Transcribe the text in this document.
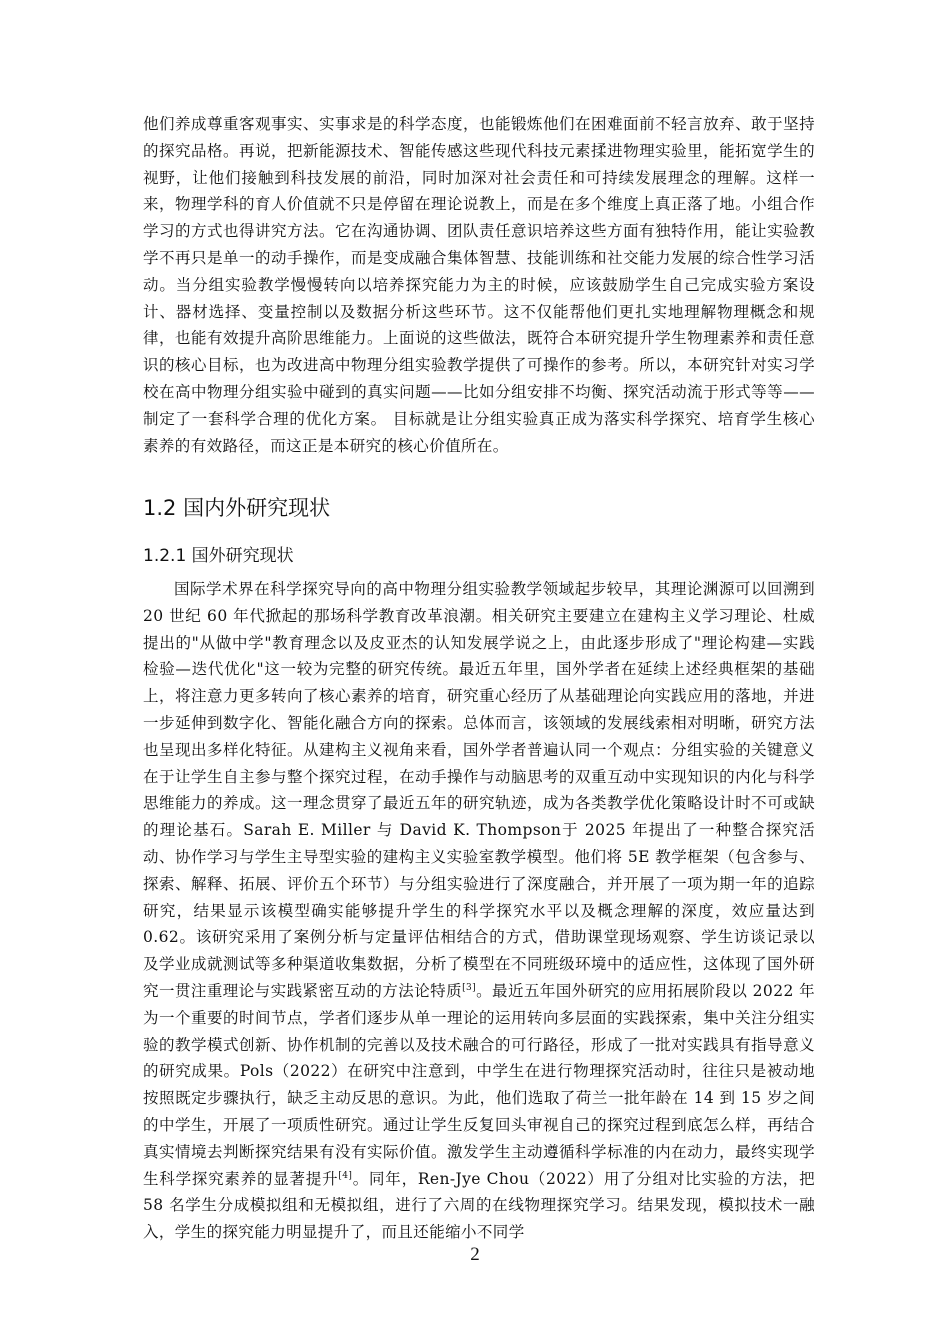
他们养成尊重客观事实、实事求是的科学态度，也能锻炼他们在困难面前不轻言放弃、敢于坚持的探究品格。再说，把新能源技术、智能传感这些现代科技元素揉进物理实验里，能拓宽学生的视野，让他们接触到科技发展的前沿，同时加深对社会责任和可持续发展理念的理解。这样一来，物理学科的育人价值就不只是停留在理论说教上，而是在多个维度上真正落了地。小组合作学习的方式也得讲究方法。它在沟通协调、团队责任意识培养这些方面有独特作用，能让实验教学不再只是单一的动手操作，而是变成融合集体智慧、技能训练和社交能力发展的综合性学习活动。当分组实验教学慢慢转向以培养探究能力为主的时候，应该鼓励学生自己完成实验方案设计、器材选择、变量控制以及数据分析这些环节。这不仅能帮他们更扎实地理解物理概念和规律，也能有效提升高阶思维能力。上面说的这些做法，既符合本研究提升学生物理素养和责任意识的核心目标，也为改进高中物理分组实验教学提供了可操作的参考。所以，本研究针对实习学校在高中物理分组实验中碰到的真实问题——比如分组安排不均衡、探究活动流于形式等等——制定了一套科学合理的优化方案。 目标就是让分组实验真正成为落实科学探究、培育学生核心素养的有效路径，而这正是本研究的核心价值所在。

1.2 国内外研究现状
1.2.1 国外研究现状

国际学术界在科学探究导向的高中物理分组实验教学领域起步较早，其理论渊源可以回溯到 20 世纪 60 年代掀起的那场科学教育改革浪潮。相关研究主要建立在建构主义学习理论、杜威提出的"从做中学"教育理念以及皮亚杰的认知发展学说之上，由此逐步形成了"理论构建—实践检验—迭代优化"这一较为完整的研究传统。最近五年里，国外学者在延续上述经典框架的基础上，将注意力更多转向了核心素养的培育，研究重心经历了从基础理论向实践应用的落地，并进一步延伸到数字化、智能化融合方向的探索。总体而言，该领域的发展线索相对明晰，研究方法也呈现出多样化特征。从建构主义视角来看，国外学者普遍认同一个观点：分组实验的关键意义在于让学生自主参与整个探究过程，在动手操作与动脑思考的双重互动中实现知识的内化与科学思维能力的养成。这一理念贯穿了最近五年的研究轨迹，成为各类教学优化策略设计时不可或缺的理论基石。Sarah E. Miller 与 David K. Thompson于 2025 年提出了一种整合探究活动、协作学习与学生主导型实验的建构主义实验室教学模型。他们将 5E 教学框架（包含参与、探索、解释、拓展、评价五个环节）与分组实验进行了深度融合，并开展了一项为期一年的追踪研究，结果显示该模型确实能够提升学生的科学探究水平以及概念理解的深度，效应量达到 0.62。该研究采用了案例分析与定量评估相结合的方式，借助课堂现场观察、学生访谈记录以及学业成就测试等多种渠道收集数据，分析了模型在不同班级环境中的适应性，这体现了国外研究一贯注重理论与实践紧密互动的方法论特质[3]。最近五年国外研究的应用拓展阶段以 2022 年为一个重要的时间节点，学者们逐步从单一理论的运用转向多层面的实践探索，集中关注分组实验的教学模式创新、协作机制的完善以及技术融合的可行路径，形成了一批对实践具有指导意义的研究成果。Pols（2022）在研究中注意到，中学生在进行物理探究活动时，往往只是被动地按照既定步骤执行，缺乏主动反思的意识。为此，他们选取了荷兰一批年龄在 14 到 15 岁之间的中学生，开展了一项质性研究。通过让学生反复回头审视自己的探究过程到底怎么样，再结合真实情境去判断探究结果有没有实际价值。激发学生主动遵循科学标准的内在动力，最终实现学生科学探究素养的显著提升[4]。同年，Ren-Jye Chou（2022）用了分组对比实验的方法，把 58 名学生分成模拟组和无模拟组，进行了六周的在线物理探究学习。结果发现，模拟技术一融入，学生的探究能力明显提升了，而且还能缩小不同学

2
